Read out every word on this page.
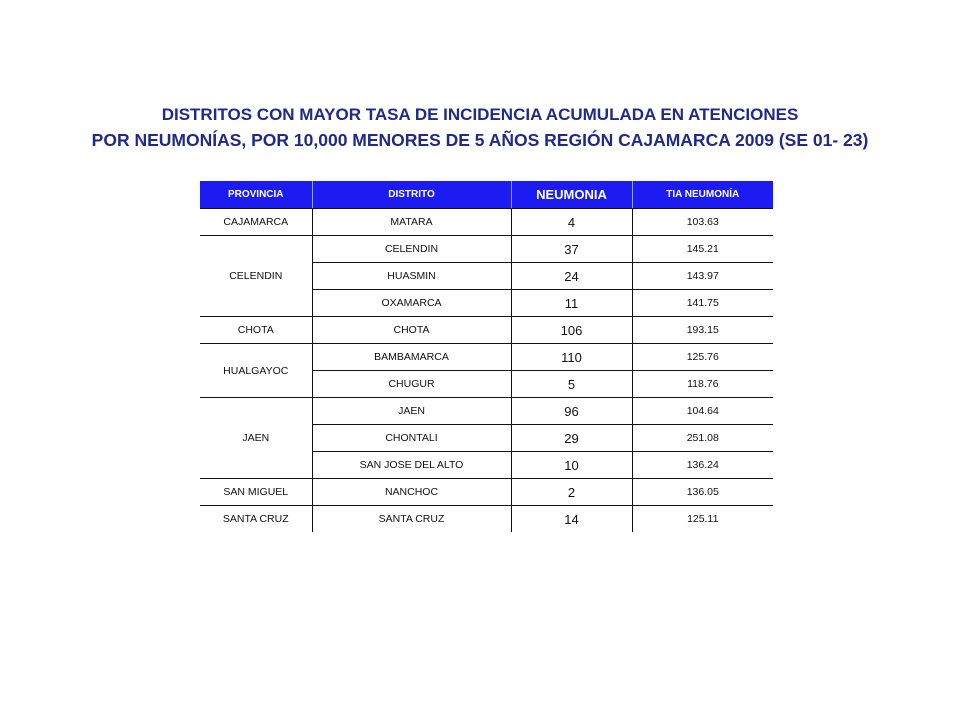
DISTRITOS CON MAYOR TASA DE INCIDENCIA ACUMULADA EN ATENCIONES
POR NEUMONÍAS, POR 10,000 MENORES DE 5 AÑOS REGIÓN CAJAMARCA 2009 (SE 01- 23)
PROVINCIA	DISTRITO	NEUMONIA	TIA NEUMONÍA
CAJAMARCA	MATARA	4	103.63
CELENDIN	CELENDIN	37	145.21
	HUASMIN	24	143.97
	OXAMARCA	11	141.75
CHOTA	CHOTA	106	193.15
HUALGAYOC	BAMBAMARCA	110	125.76
	CHUGUR	5	118.76
JAEN	JAEN	96	104.64
	CHONTALI	29	251.08
	SAN JOSE DEL ALTO	10	136.24
SAN MIGUEL	NANCHOC	2	136.05
SANTA CRUZ	SANTA CRUZ	14	125.11
